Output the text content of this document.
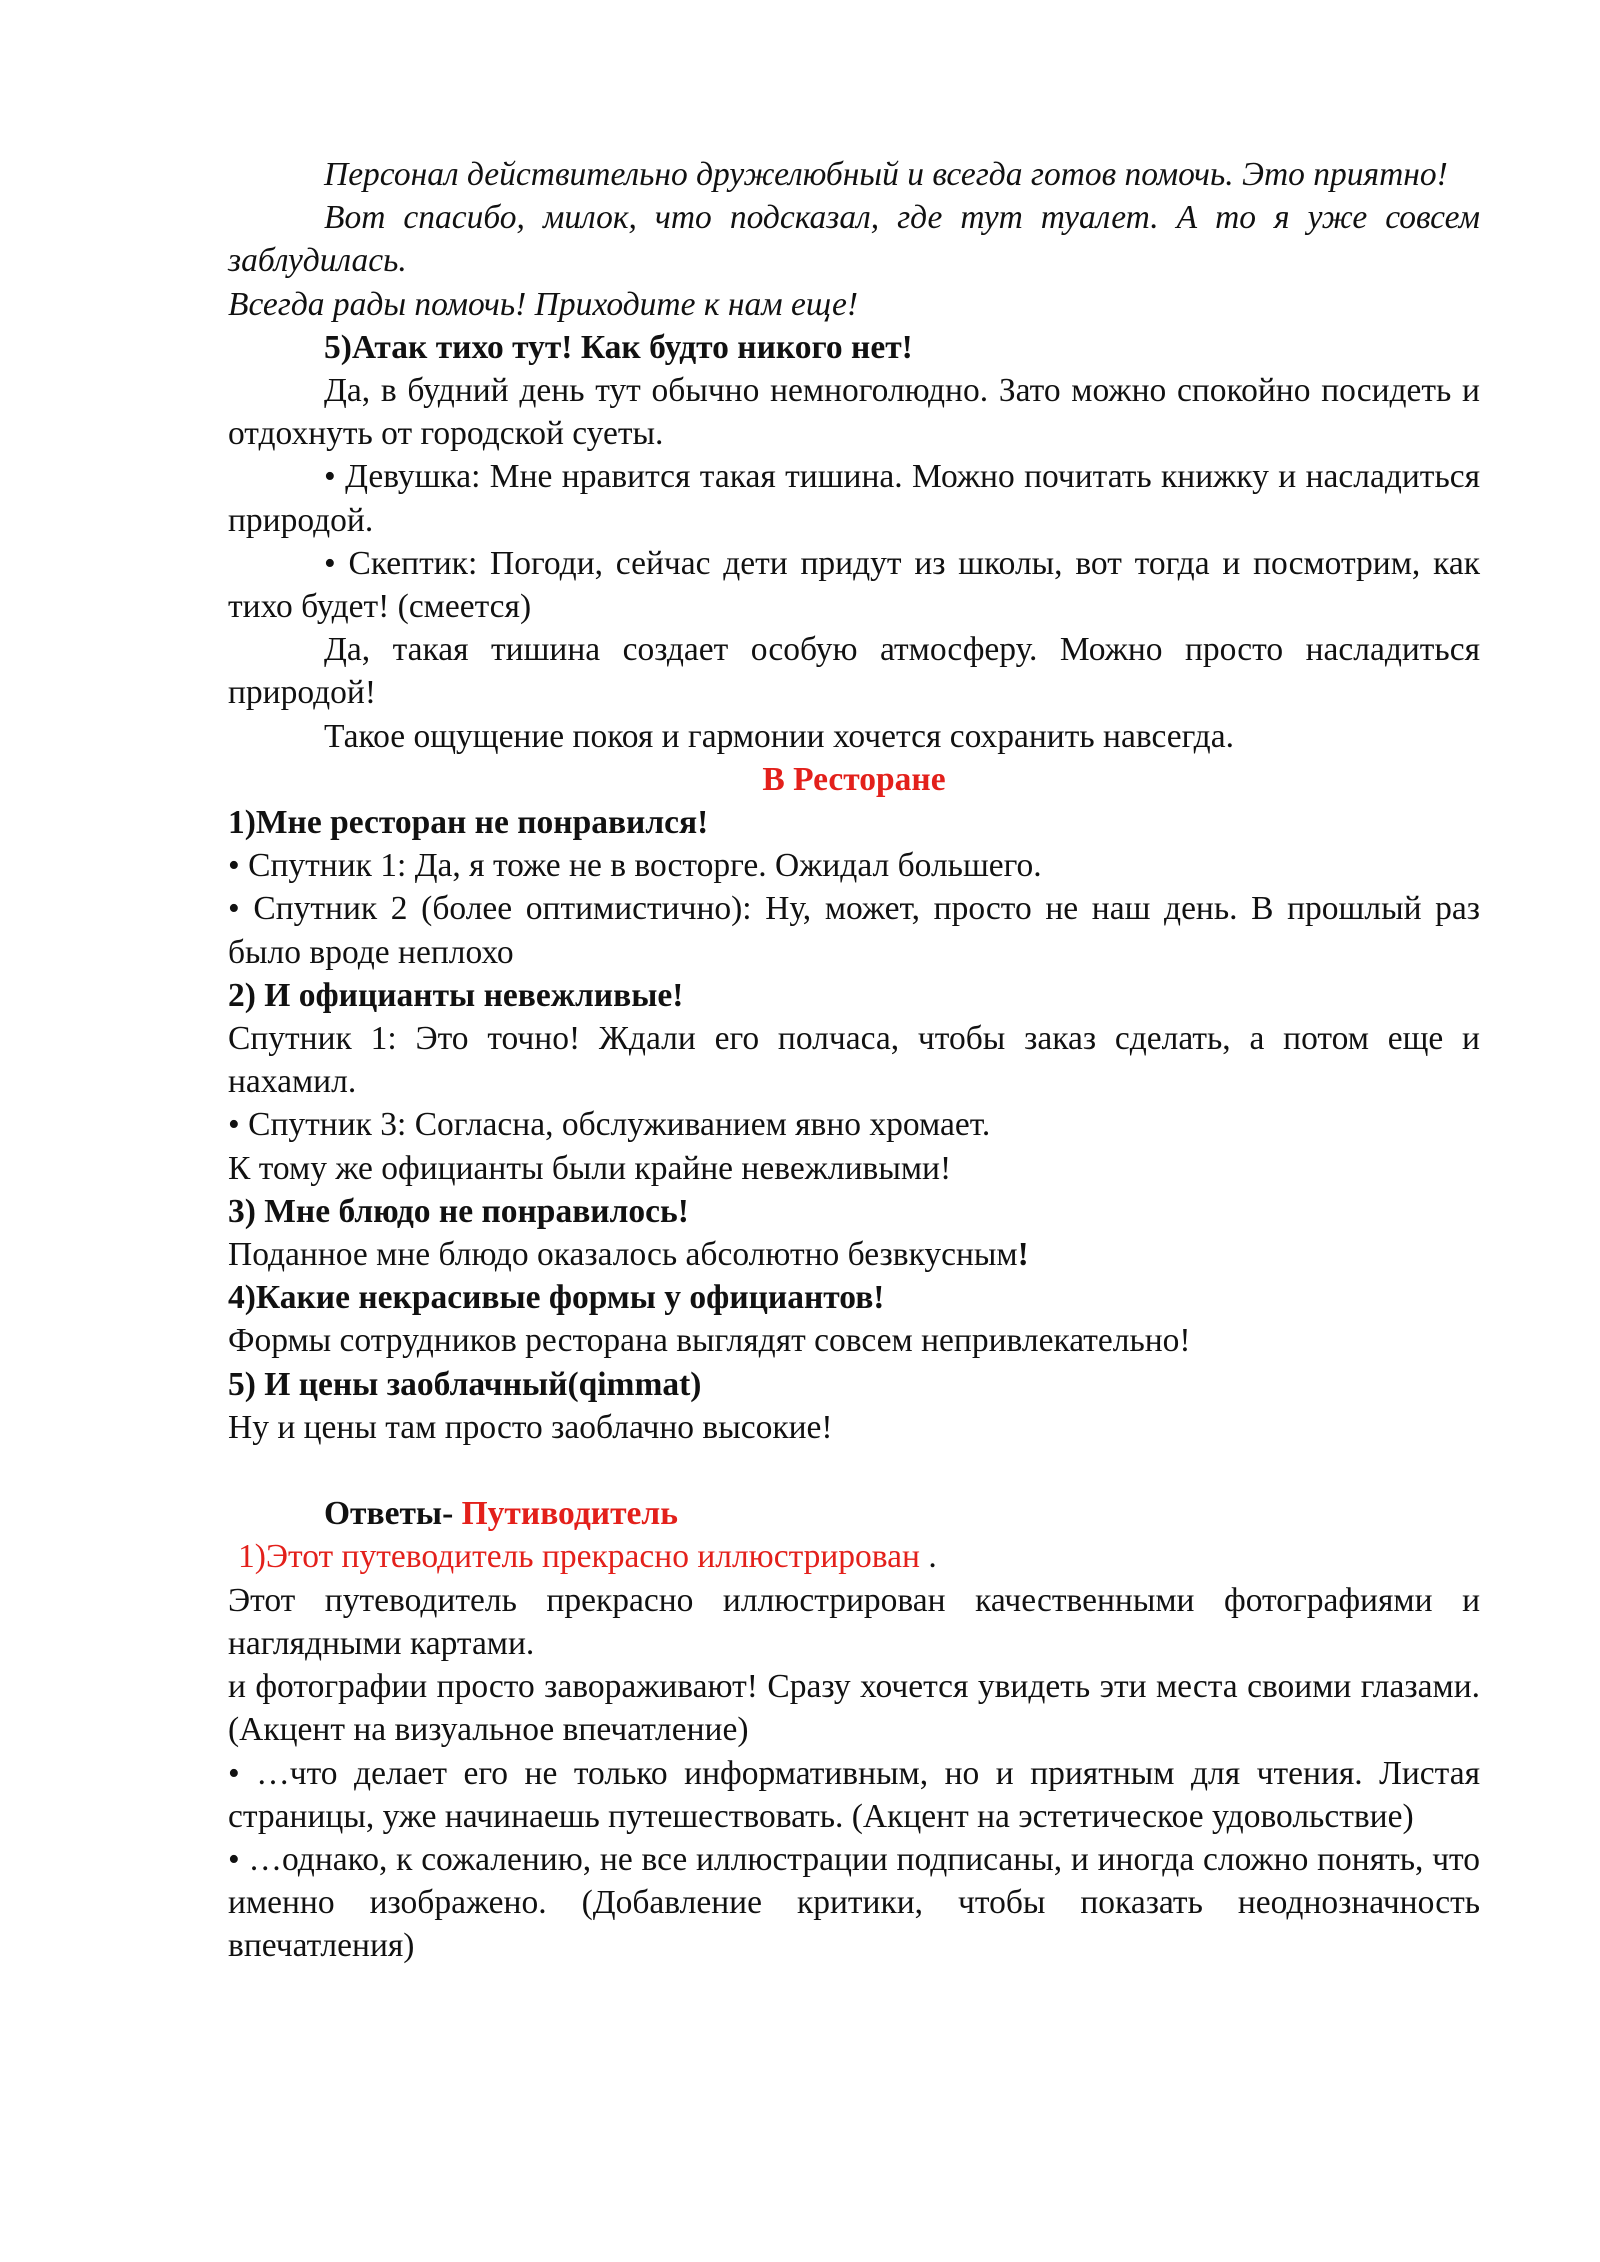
Персонал действительно дружелюбный и всегда готов помочь. Это приятно!

Вот спасибо, милок, что подсказал, где тут туалет. А то я уже совсем заблудилась.

Всегда рады помочь! Приходите к нам еще!

5)Атак тихо тут! Как будто никого нет!

Да, в будний день тут обычно немноголюдно. Зато можно спокойно посидеть и отдохнуть от городской суеты.

• Девушка: Мне нравится такая тишина. Можно почитать книжку и насладиться природой.

• Скептик: Погоди, сейчас дети придут из школы, вот тогда и посмотрим, как тихо будет! (смеется)

Да, такая тишина создает особую атмосферу. Можно просто насладиться природой!

Такое ощущение покоя и гармонии хочется сохранить навсегда.

В Ресторане

1)Мне ресторан не понравился!

• Спутник 1: Да, я тоже не в восторге. Ожидал большего.

• Спутник 2 (более оптимистично): Ну, может, просто не наш день. В прошлый раз было вроде неплохо

2) И официанты невежливые!

Спутник 1: Это точно! Ждали его полчаса, чтобы заказ сделать, а потом еще и нахамил.

• Спутник 3: Согласна, обслуживанием явно хромает.

К тому же официанты были крайне невежливыми!

3) Мне блюдо не понравилось!

Поданное мне блюдо оказалось абсолютно безвкусным!

4)Какие некрасивые формы у официантов!

Формы сотрудников ресторана выглядят совсем непривлекательно!

5) И цены заоблачный(qimmat)

Ну и цены там просто заоблачно высокие!

Ответы- Путиводитель

1)Этот путеводитель прекрасно иллюстрирован .

Этот путеводитель прекрасно иллюстрирован качественными фотографиями и наглядными картами.

и фотографии просто завораживают! Сразу хочется увидеть эти места своими глазами. (Акцент на визуальное впечатление)

• …что делает его не только информативным, но и приятным для чтения. Листая страницы, уже начинаешь путешествовать. (Акцент на эстетическое удовольствие)

• …однако, к сожалению, не все иллюстрации подписаны, и иногда сложно понять, что именно изображено. (Добавление критики, чтобы показать неоднозначность впечатления)
